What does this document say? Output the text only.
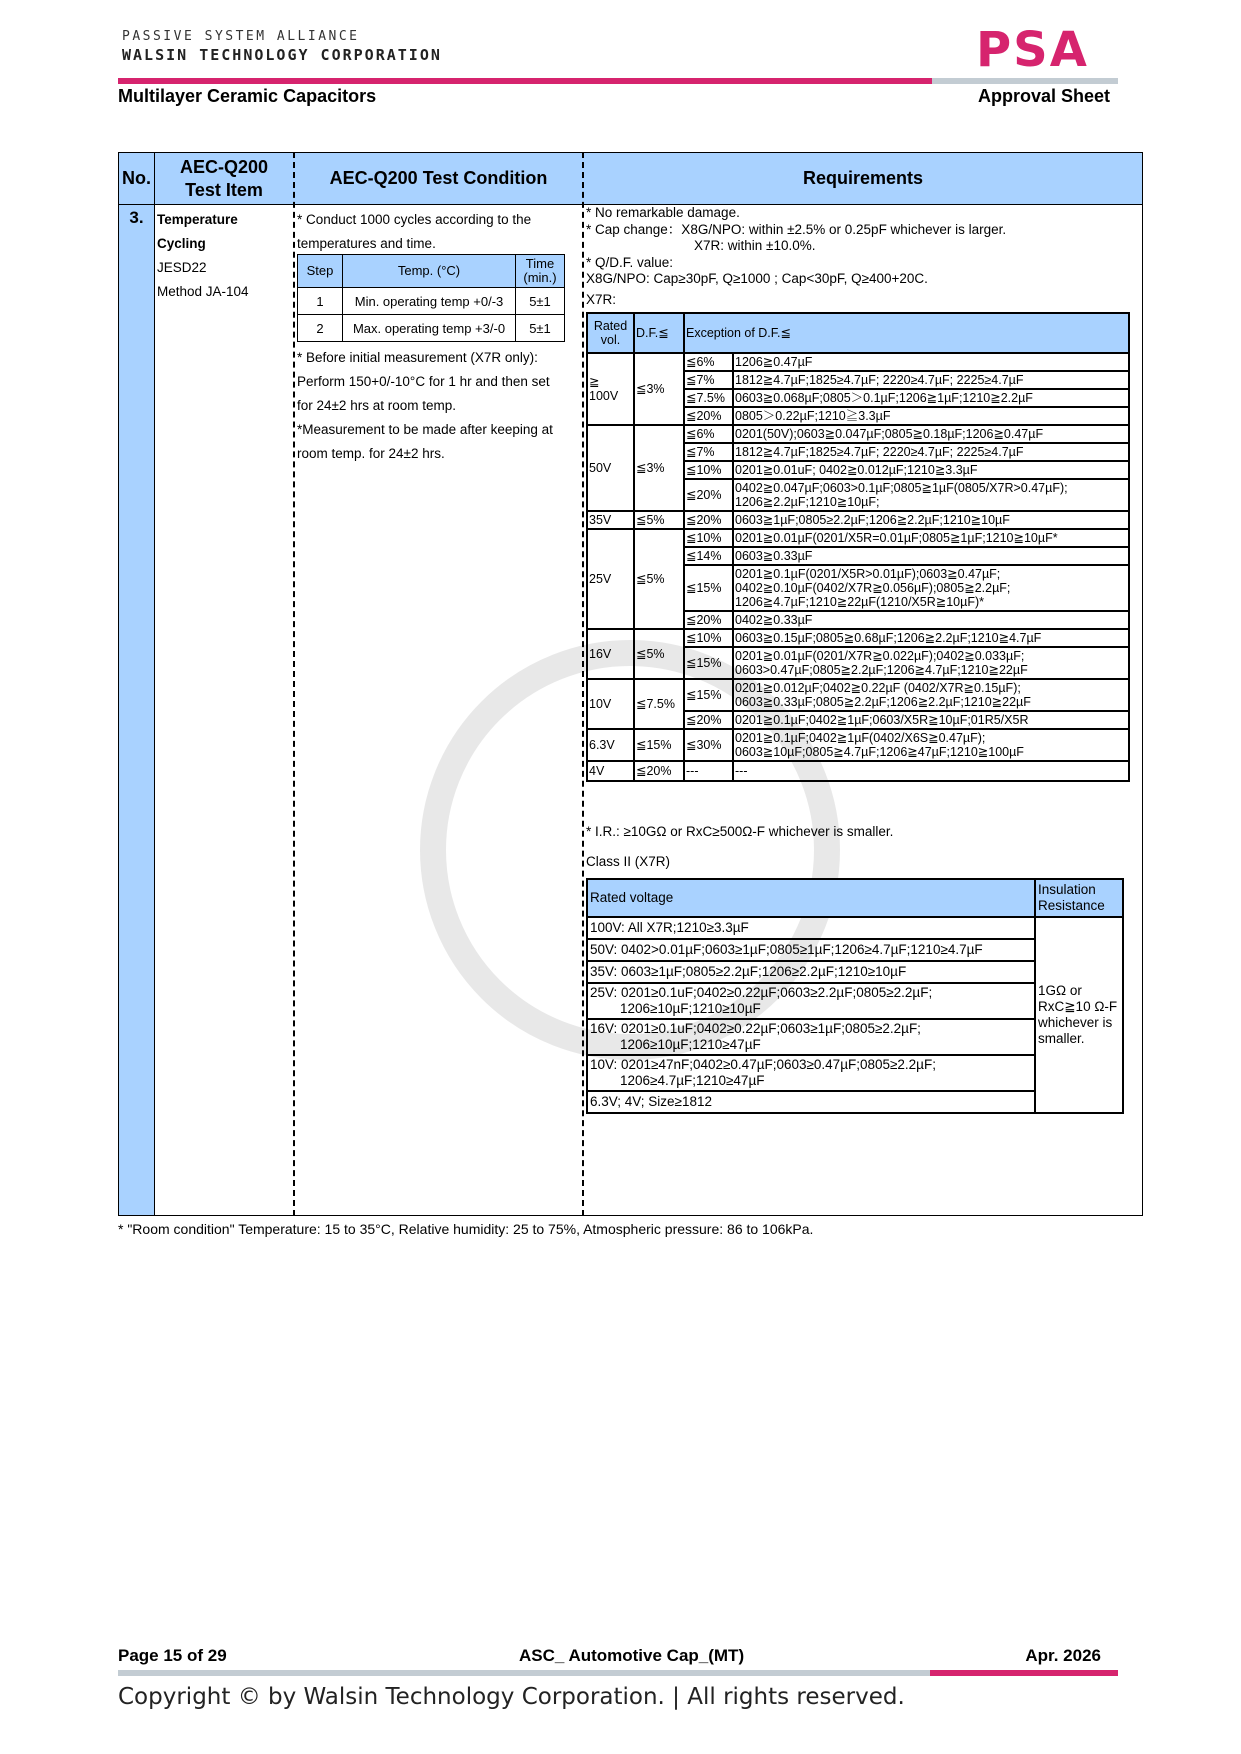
PASSIVE SYSTEM ALLIANCE
WALSIN TECHNOLOGY CORPORATION	PSA
Multilayer Ceramic Capacitors	Approval Sheet
No.
AEC-Q200
Test Item
AEC-Q200 Test Condition	Requirements
3. Temperature
Cycling
JESD22
Method JA-104
* Conduct 1000 cycles according to the
temperatures and time.
Step	Temp. (°C)	Time
(min.)
1	Min. operating temp +0/-3	5±1
2	Max. operating temp +3/-0	5±1
* Before initial measurement (X7R only):
Perform 150+0/-10°C for 1 hr and then set
for 24±2 hrs at room temp.
*Measurement to be made after keeping at
room temp. for 24±2 hrs.
* No remarkable damage.
* Cap change：X8G/NPO: within ±2.5% or 0.25pF whichever is larger.
X7R: within ±10.0%.
* Q/D.F. value:
X8G/NPO: Cap≥30pF, Q≥1000 ; Cap<30pF, Q≥400+20C.
X7R:
Rated vol.	D.F.≦	Exception of D.F.≦	
≧ 100V	≦3%	≦6%	1206≧0.47µF
		≦7%	1812≧4.7µF;1825≥4.7µF; 2220≥4.7µF; 2225≥4.7µF
		≦7.5%	0603≧0.068µF;0805＞0.1µF;1206≧1µF;1210≧2.2µF
		≦20%	0805＞0.22µF;1210≧3.3µF
50V	≦3%	≦6%	0201(50V);0603≧0.047µF;0805≧0.18µF;1206≧0.47µF
		≦7%	1812≧4.7µF;1825≥4.7µF; 2220≥4.7µF; 2225≥4.7µF
		≦10%	0201≧0.01uF; 0402≧0.012µF;1210≧3.3µF
		≦20%	0402≧0.047µF;0603>0.1µF;0805≧1µF(0805/X7R>0.47µF); 1206≧2.2µF;1210≧10µF;
35V	≦5%	≦20%	0603≧1µF;0805≥2.2µF;1206≧2.2µF;1210≧10µF
25V	≦5%	≦10%	0201≧0.01µF(0201/X5R=0.01µF;0805≧1µF;1210≧10µF*
		≦14%	0603≧0.33µF
		≦15%	0201≧0.1µF(0201/X5R>0.01µF);0603≧0.47µF; 0402≧0.10µF(0402/X7R≧0.056µF);0805≧2.2µF; 1206≧4.7µF;1210≧22µF(1210/X5R≧10µF)*
		≦20%	0402≧0.33µF
16V	≦5%	≦10%	0603≧0.15µF;0805≧0.68µF;1206≧2.2µF;1210≧4.7µF
		≦15%	0201≧0.01µF(0201/X7R≧0.022µF);0402≧0.033µF; 0603>0.47µF;0805≧2.2µF;1206≧4.7µF;1210≧22µF
10V	≦7.5%	≦15%	0201≧0.012µF;0402≧0.22µF (0402/X7R≧0.15µF); 0603≧0.33µF;0805≧2.2µF;1206≧2.2µF;1210≧22µF
		≦20%	0201≧0.1µF;0402≧1µF;0603/X5R≧10µF;01R5/X5R
6.3V	≦15%	≦30%	0201≧0.1µF;0402≧1µF(0402/X6S≧0.47µF); 0603≧10µF;0805≧4.7µF;1206≧47µF;1210≧100µF
4V	≦20%	---	---
* I.R.: ≥10GΩ or RxC≥500Ω-F whichever is smaller.
Class II (X7R)
Rated voltage	Insulation Resistance

100V: All X7R;1210≥3.3µF	1GΩ or RxC≧10 Ω-F whichever is smaller.

50V: 0402>0.01µF;0603≥1µF;0805≥1µF;1206≥4.7µF;1210≥4.7µF	

35V: 0603≥1µF;0805≥2.2µF;1206≥2.2µF;1210≥10µF	

25V: 0201≥0.1uF;0402≥0.22µF;0603≥2.2µF;0805≥2.2µF;
1206≥10µF;1210≥10µF	

16V: 0201≥0.1uF;0402≥0.22µF;0603≥1µF;0805≥2.2µF;
1206≥10µF;1210≥47µF	

10V: 0201≥47nF;0402≥0.47µF;0603≥0.47µF;0805≥2.2µF;
1206≥4.7µF;1210≥47µF	

6.3V; 4V; Size≥1812	
* "Room condition" Temperature: 15 to 35°C, Relative humidity: 25 to 75%, Atmospheric pressure: 86 to 106kPa.
Page 15 of 29	ASC_ Automotive Cap_(MT)	Apr. 2026
Copyright © by Walsin Technology Corporation. | All rights reserved.
